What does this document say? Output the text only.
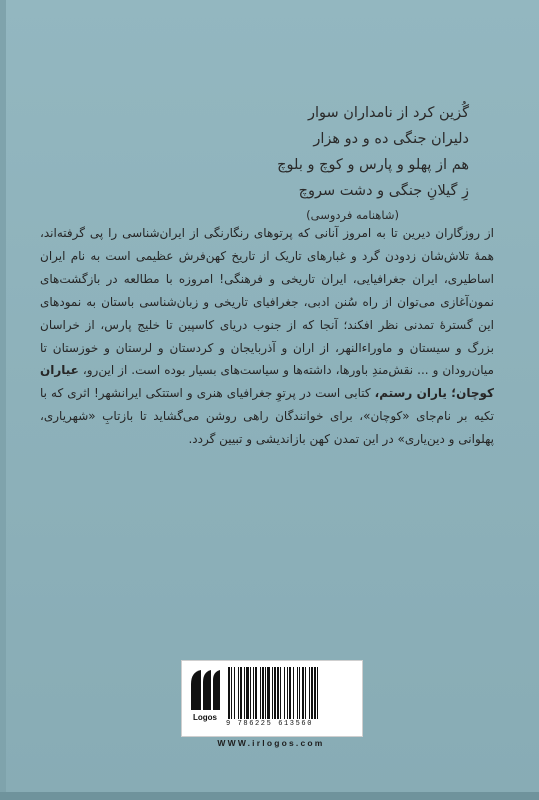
گُزین کرد از نامداران سوار
دلیران جنگی ده و دو هزار
هم از پهلو و پارس و کوچ و بلوچ
زِ گیلانِ جنگی و دشت سروچ
(شاهنامه فردوسی)
از روزگاران دیرین تا به امروز آنانی که پرتوهای رنگارنگی از ایران‌شناسی را پی گرفته‌اند، همهٔ تلاش‌شان زدودن گرد و غبارهای تاریک از تاریخ کهن‌فرش عظیمی است به نام ایران اساطیری، ایران جغرافیایی، ایران تاریخی و فرهنگی! امروزه با مطالعه در بازگشت‌های نمون‌آغازی می‌توان از راه سُنن ادبی، جغرافیای تاریخی و زبان‌شناسی باستان به نمودهای این گسترهٔ تمدنی نظر افکند؛ آنجا که از جنوب دریای کاسپین تا خلیج پارس، از خراسان بزرگ و سیستان و ماوراءالنهر، از اران و آذربایجان و کردستان و لرستان و خوزستان تا میان‌رودان و ... نقش‌مندِ باورها، داشته‌ها و سیاست‌های بسیار بوده است. از این‌رو، عیاران کوچان؛ یاران رستم، کتابی است در پرتوِ جغرافیای هنری و استتکی ایرانشهر! اثری که با تکیه بر نام‌جای «کوچان»، برای خوانندگان راهی روشن می‌گشاید تا بازتابِ «شهریاری، پهلوانی و دین‌یاری» در این تمدن کهن بازاندیشی و تبیین گردد.
Logos
9 786225 613560
WWW.irlogos.com
